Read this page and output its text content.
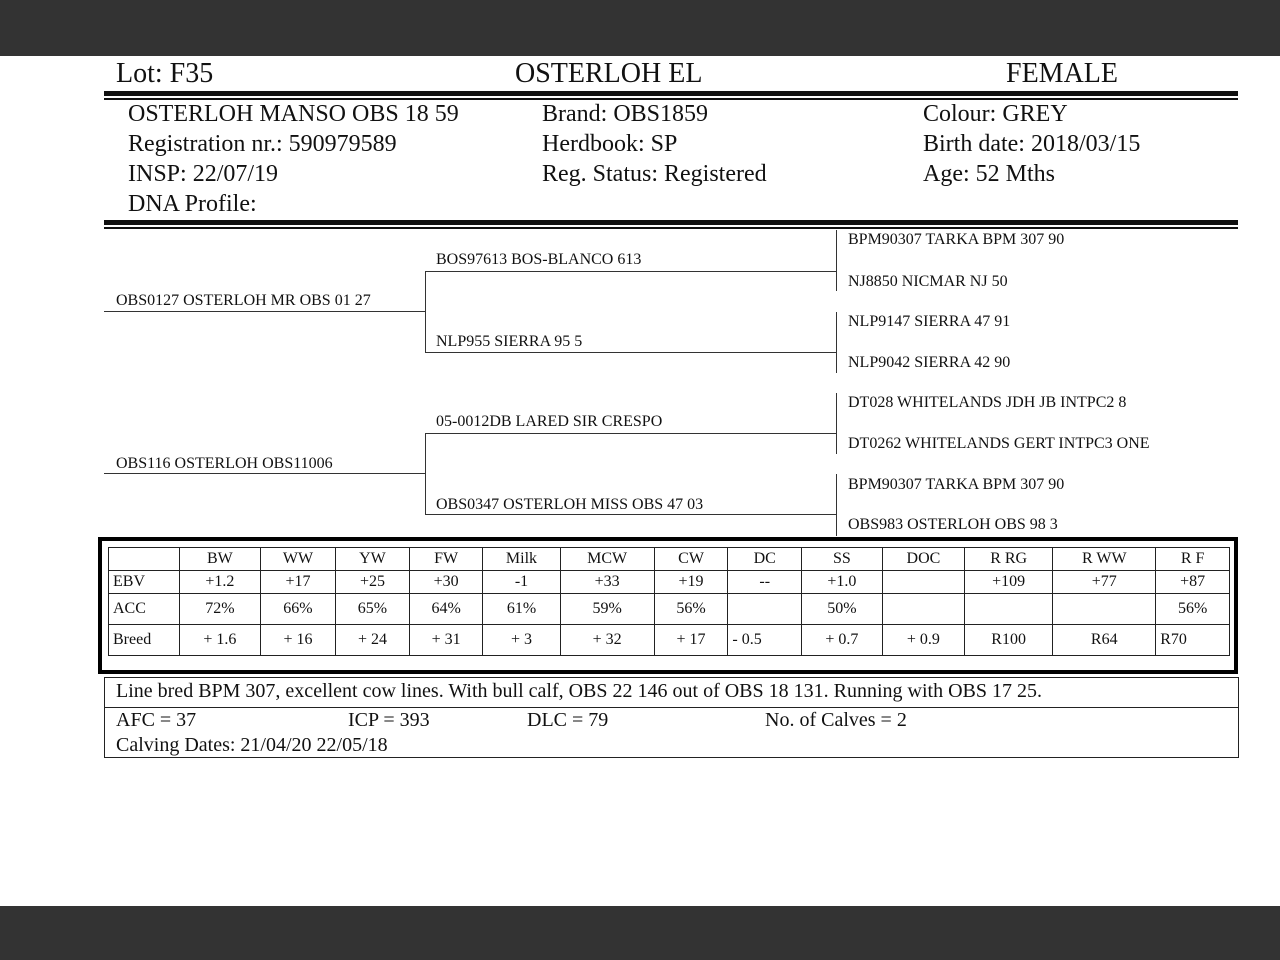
Lot: F35	OSTERLOH EL	FEMALE
OSTERLOH MANSO OBS 18 59
Registration nr.: 590979589
INSP: 22/07/19
DNA Profile:
Brand: OBS1859
Herdbook: SP
Reg. Status: Registered
Colour: GREY
Birth date: 2018/03/15
Age: 52 Mths
OBS0127 OSTERLOH MR OBS 01 27
OBS116 OSTERLOH OBS11006
BOS97613 BOS-BLANCO 613
NLP955 SIERRA 95 5
05-0012DB LARED SIR CRESPO
OBS0347 OSTERLOH MISS OBS 47 03
BPM90307 TARKA BPM 307 90
NJ8850 NICMAR NJ 50
NLP9147 SIERRA 47 91
NLP9042 SIERRA 42 90
DT028 WHITELANDS JDH JB INTPC2 8
DT0262 WHITELANDS GERT INTPC3 ONE
BPM90307 TARKA BPM 307 90
OBS983 OSTERLOH OBS 98 3
	BW	WW	YW	FW	Milk	MCW	CW	DC	SS	DOC	R RG	R WW	R F
EBV	+1.2	+17	+25	+30	-1	+33	+19	--	+1.0		+109	+77	+87
ACC	72%	66%	65%	64%	61%	59%	56%		50%				56%
Breed	+ 1.6	+ 16	+ 24	+ 31	+ 3	+ 32	+ 17	- 0.5	+ 0.7	+ 0.9	R100	R64	R70
Line bred BPM 307, excellent cow lines. With bull calf, OBS 22 146 out of OBS 18 131. Running with OBS 17 25.
AFC = 37	ICP = 393	DLC = 79	No. of Calves = 2
Calving Dates: 21/04/20 22/05/18
